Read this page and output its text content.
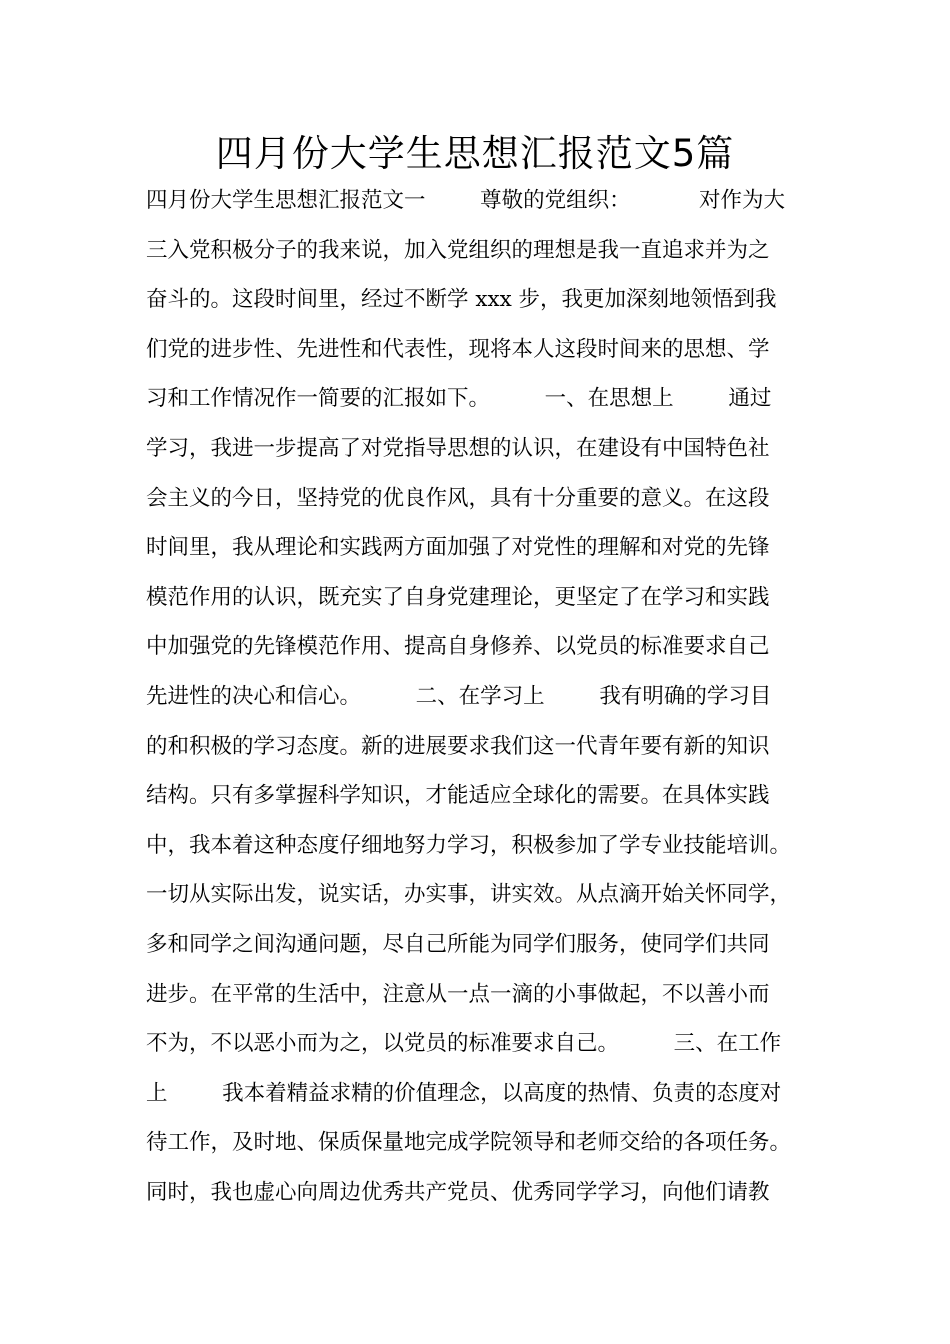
四月份大学生思想汇报范文5篇
四月份大学生思想汇报范文一        尊敬的党组织：          对作为大
三入党积极分子的我来说，加入党组织的理想是我一直追求并为之
奋斗的。这段时间里，经过不断学 xxx 步，我更加深刻地领悟到我
们党的进步性、先进性和代表性，现将本人这段时间来的思想、学
习和工作情况作一简要的汇报如下。        一、在思想上        通过
学习，我进一步提高了对党指导思想的认识，在建设有中国特色社
会主义的今日，坚持党的优良作风，具有十分重要的意义。在这段
时间里，我从理论和实践两方面加强了对党性的理解和对党的先锋
模范作用的认识，既充实了自身党建理论，更坚定了在学习和实践
中加强党的先锋模范作用、提高自身修养、以党员的标准要求自己
先进性的决心和信心。        二、在学习上        我有明确的学习目
的和积极的学习态度。新的进展要求我们这一代青年要有新的知识
结构。只有多掌握科学知识，才能适应全球化的需要。在具体实践
中，我本着这种态度仔细地努力学习，积极参加了学专业技能培训。
一切从实际出发，说实话，办实事，讲实效。从点滴开始关怀同学，
多和同学之间沟通问题，尽自己所能为同学们服务，使同学们共同
进步。在平常的生活中，注意从一点一滴的小事做起，不以善小而
不为，不以恶小而为之，以党员的标准要求自己。        三、在工作
上        我本着精益求精的价值理念，以高度的热情、负责的态度对
待工作，及时地、保质保量地完成学院领导和老师交给的各项任务。
同时，我也虚心向周边优秀共产党员、优秀同学学习，向他们请教
